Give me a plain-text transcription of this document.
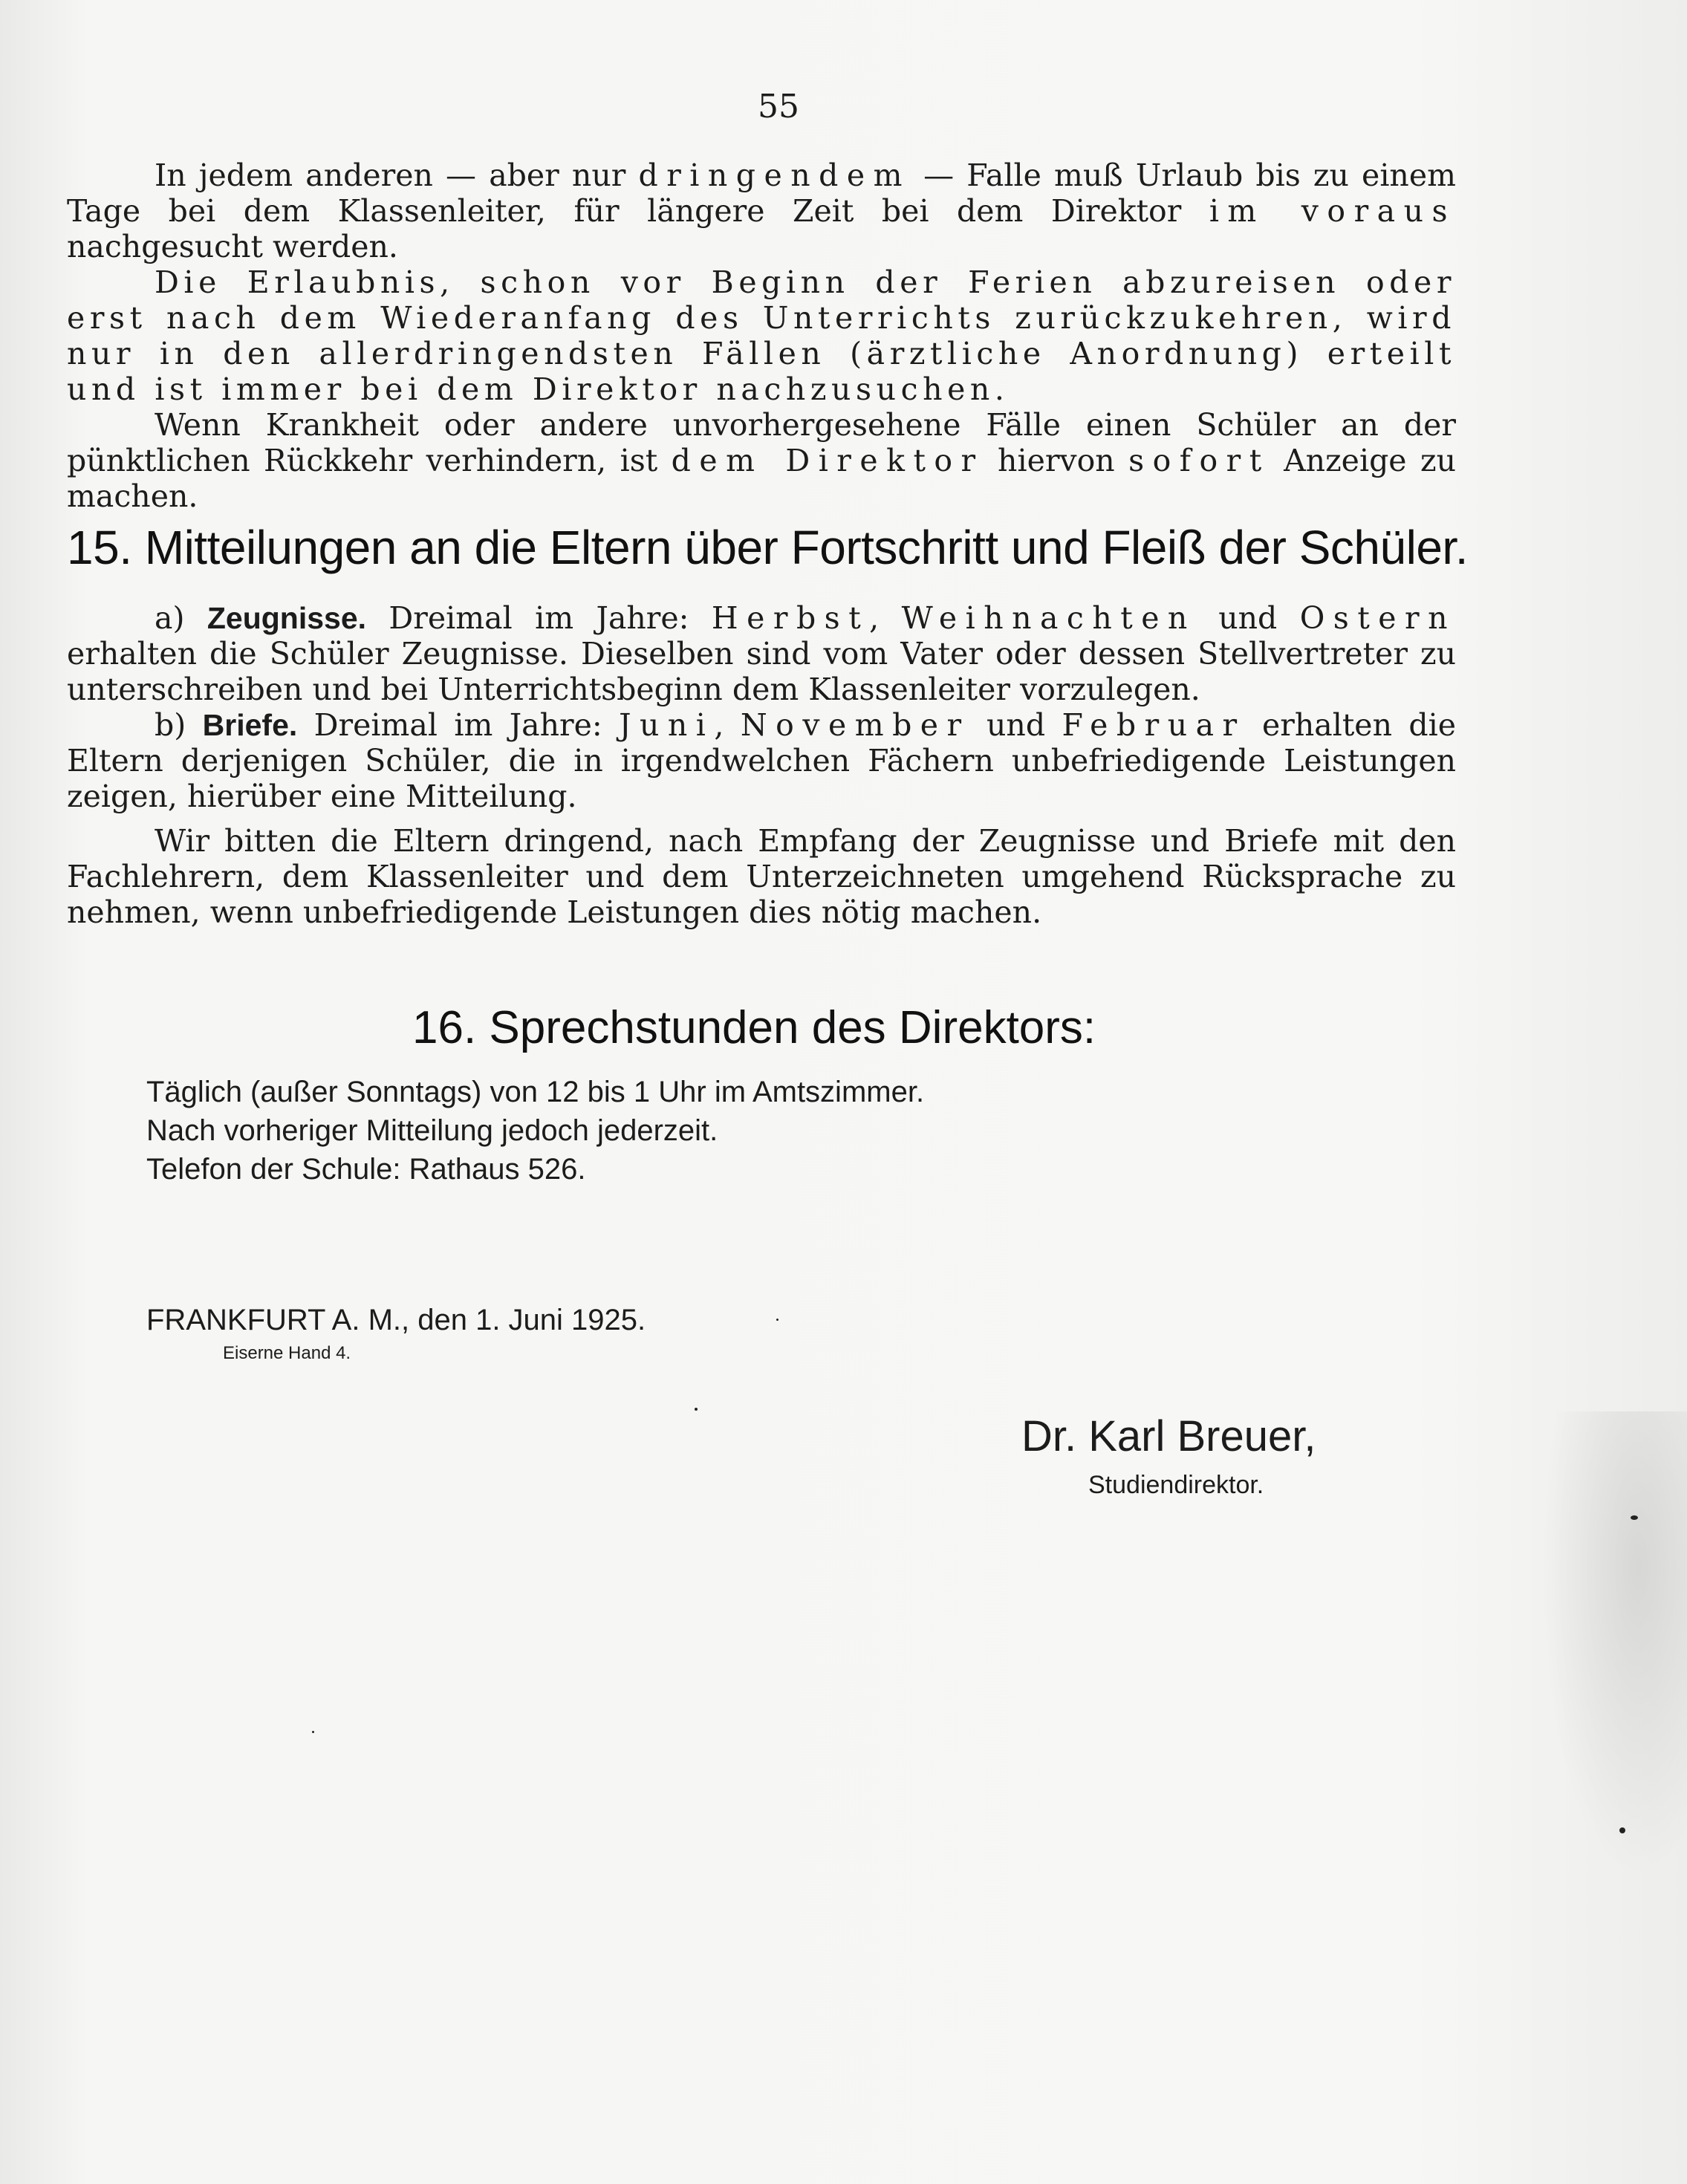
55

In jedem anderen — aber nur dringendem — Falle muß Urlaub bis zu einem Tage bei dem Klassenleiter, für längere Zeit bei dem Direktor im voraus nachgesucht werden.

Die Erlaubnis, schon vor Beginn der Ferien abzureisen oder erst nach dem Wiederanfang des Unterrichts zurückzukehren, wird nur in den allerdringendsten Fällen (ärztliche Anordnung) erteilt und ist immer bei dem Direktor nachzusuchen.

Wenn Krankheit oder andere unvorhergesehene Fälle einen Schüler an der pünktlichen Rückkehr verhindern, ist dem Direktor hiervon sofort Anzeige zu machen.

15. Mitteilungen an die Eltern über Fortschritt und Fleiß der Schüler.

a) Zeugnisse. Dreimal im Jahre: Herbst, Weihnachten und Ostern erhalten die Schüler Zeugnisse. Dieselben sind vom Vater oder dessen Stellvertreter zu unterschreiben und bei Unterrichtsbeginn dem Klassenleiter vorzulegen.

b) Briefe. Dreimal im Jahre: Juni, November und Februar erhalten die Eltern derjenigen Schüler, die in irgendwelchen Fächern unbefriedigende Leistungen zeigen, hierüber eine Mitteilung.

Wir bitten die Eltern dringend, nach Empfang der Zeugnisse und Briefe mit den Fachlehrern, dem Klassenleiter und dem Unterzeichneten umgehend Rücksprache zu nehmen, wenn unbefriedigende Leistungen dies nötig machen.

16. Sprechstunden des Direktors:
Täglich (außer Sonntags) von 12 bis 1 Uhr im Amtszimmer.
Nach vorheriger Mitteilung jedoch jederzeit.
Telefon der Schule: Rathaus 526.
FRANKFURT A. M., den 1. Juni 1925.
Eiserne Hand 4.
Dr. Karl Breuer,
Studiendirektor.
